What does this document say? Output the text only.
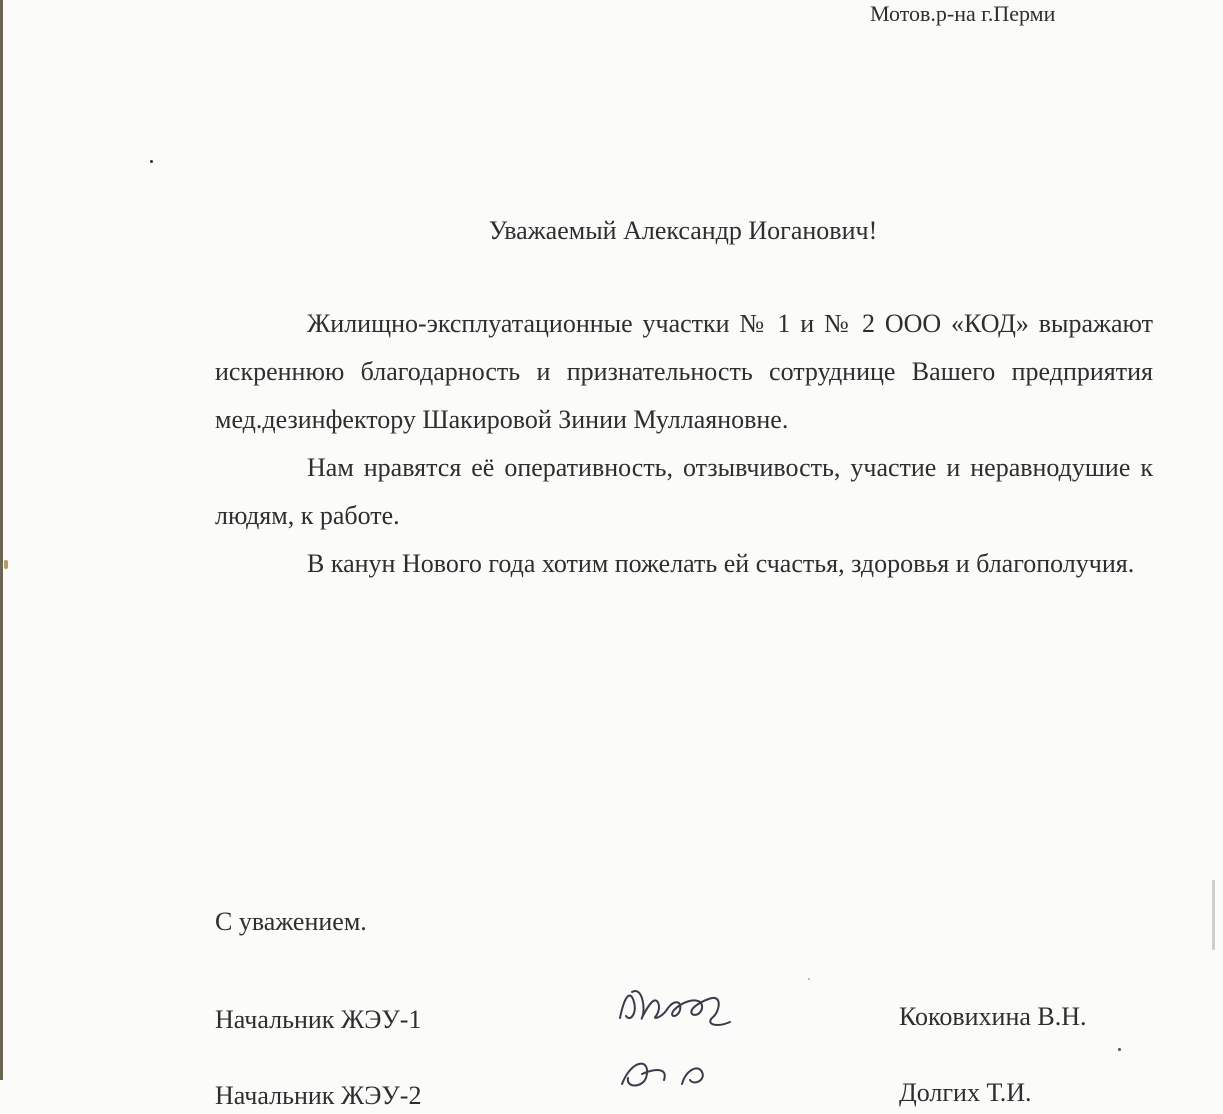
Мотов.р-на г.Перми
Уважаемый Александр Иоганович!

Жилищно-эксплуатационные участки № 1 и № 2 ООО «КОД» выражают искреннюю благодарность и признательность сотруднице Вашего предприятия мед.дезинфектору Шакировой Зинии Муллаяновне.

Нам нравятся её оперативность, отзывчивость, участие и неравнодушие к людям, к работе.

В канун Нового года хотим пожелать ей счастья, здоровья и благополучия.

С уважением.
Начальник ЖЭУ-1	Коковихина В.Н.
Начальник ЖЭУ-2	Долгих Т.И.
